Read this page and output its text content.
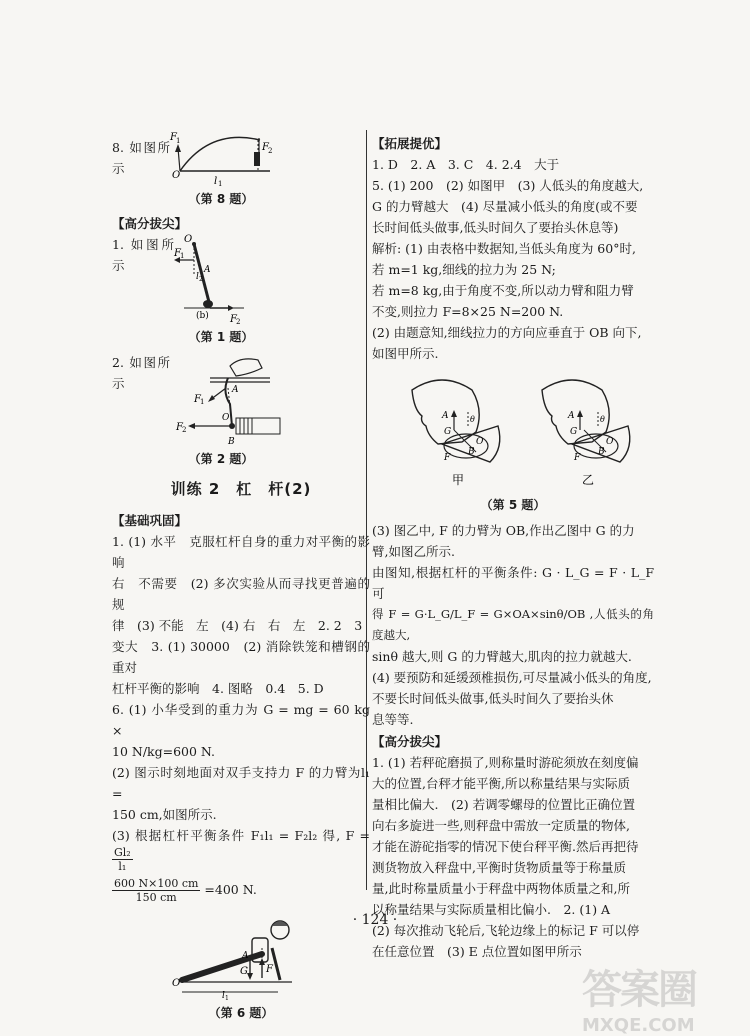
8. 如图所示
F 1
F 2
O
l 1
（第 8 题）
【高分拔尖】
1. 如图所示
O
A
F 1
l 2
(b) F 2
（第 1 题）
2. 如图所示	A
F 1
F 2
O
B
（第 2 题）
训练 2　杠　杆(2)
【基础巩固】

1. (1) 水平　克服杠杆自身的重力对平衡的影响

右　不需要　(2) 多次实验从而寻找更普遍的规

律　(3) 不能　左　(4) 右　右　左　2. 2　3

变大　3. (1) 30000　(2) 消除铁笼和槽钢的重对

杠杆平衡的影响　4. 图略　0.4　5. D

6. (1) 小华受到的重力为 G = mg = 60 kg ×

10 N/kg=600 N.

(2) 图示时刻地面对双手支持力 F 的力臂为l₁ =

150 cm,如图所示.

(3) 根据杠杆平衡条件 F₁l₁ = F₂l₂ 得, F =
$\frac{\text{Gl₂}}{\text{l₁}}$

$\frac{600 N\times 100 cm}{150 cm} =400$ N.

O
A
G F
l 1
（第 6 题）
【拓展提优】

1. D　2. A　3. C　4. 2.4　大于

5. (1) 200　(2) 如图甲　(3) 人低头的角度越大,

G 的力臂越大　(4) 尽量减小低头的角度(或不要

长时间低头做事,低头时间久了要抬头休息等)

解析: (1) 由表格中数据知,当低头角度为 60°时,

若 m=1 kg,细线的拉力为 25 N;

若 m=8 kg,由于角度不变,所以动力臂和阻力臂

不变,则拉力 F=8×25 N=200 N.

(2) 由题意知,细线拉力的方向应垂直于 OB 向下,

如图甲所示.

A
G
θ
O
B
F
A
G
θ
O
B
F
甲	乙
（第 5 题）

(3) 图乙中, F 的力臂为 OB,作出乙图中 G 的力

臂,如图乙所示.

由图知,根据杠杆的平衡条件: G · L_G = F · L_F 可

得 F = G·L_G/L_F = G×OA×sinθ/OB ,人低头的角度越大,

sinθ 越大,则 G 的力臂越大,肌肉的拉力就越大.

(4) 要预防和延缓颈椎损伤,可尽量减小低头的角度,

不要长时间低头做事,低头时间久了要抬头休

息等等.

【高分拔尖】

1. (1) 若秤砣磨损了,则称量时游砣须放在刻度偏

大的位置,台秤才能平衡,所以称量结果与实际质

量相比偏大.　(2) 若调零螺母的位置比正确位置

向右多旋进一些,则秤盘中需放一定质量的物体,

才能在游砣指零的情况下使台秤平衡.然后再把待

测货物放入秤盘中,平衡时货物质量等于称量质

量,此时称量质量小于秤盘中两物体质量之和,所

以称量结果与实际质量相比偏小.　2. (1) A

(2) 每次推动飞轮后,飞轮边缘上的标记 F 可以停

在任意位置　(3) E 点位置如图甲所示

· 124 ·
答案圈
MXQE.COM
